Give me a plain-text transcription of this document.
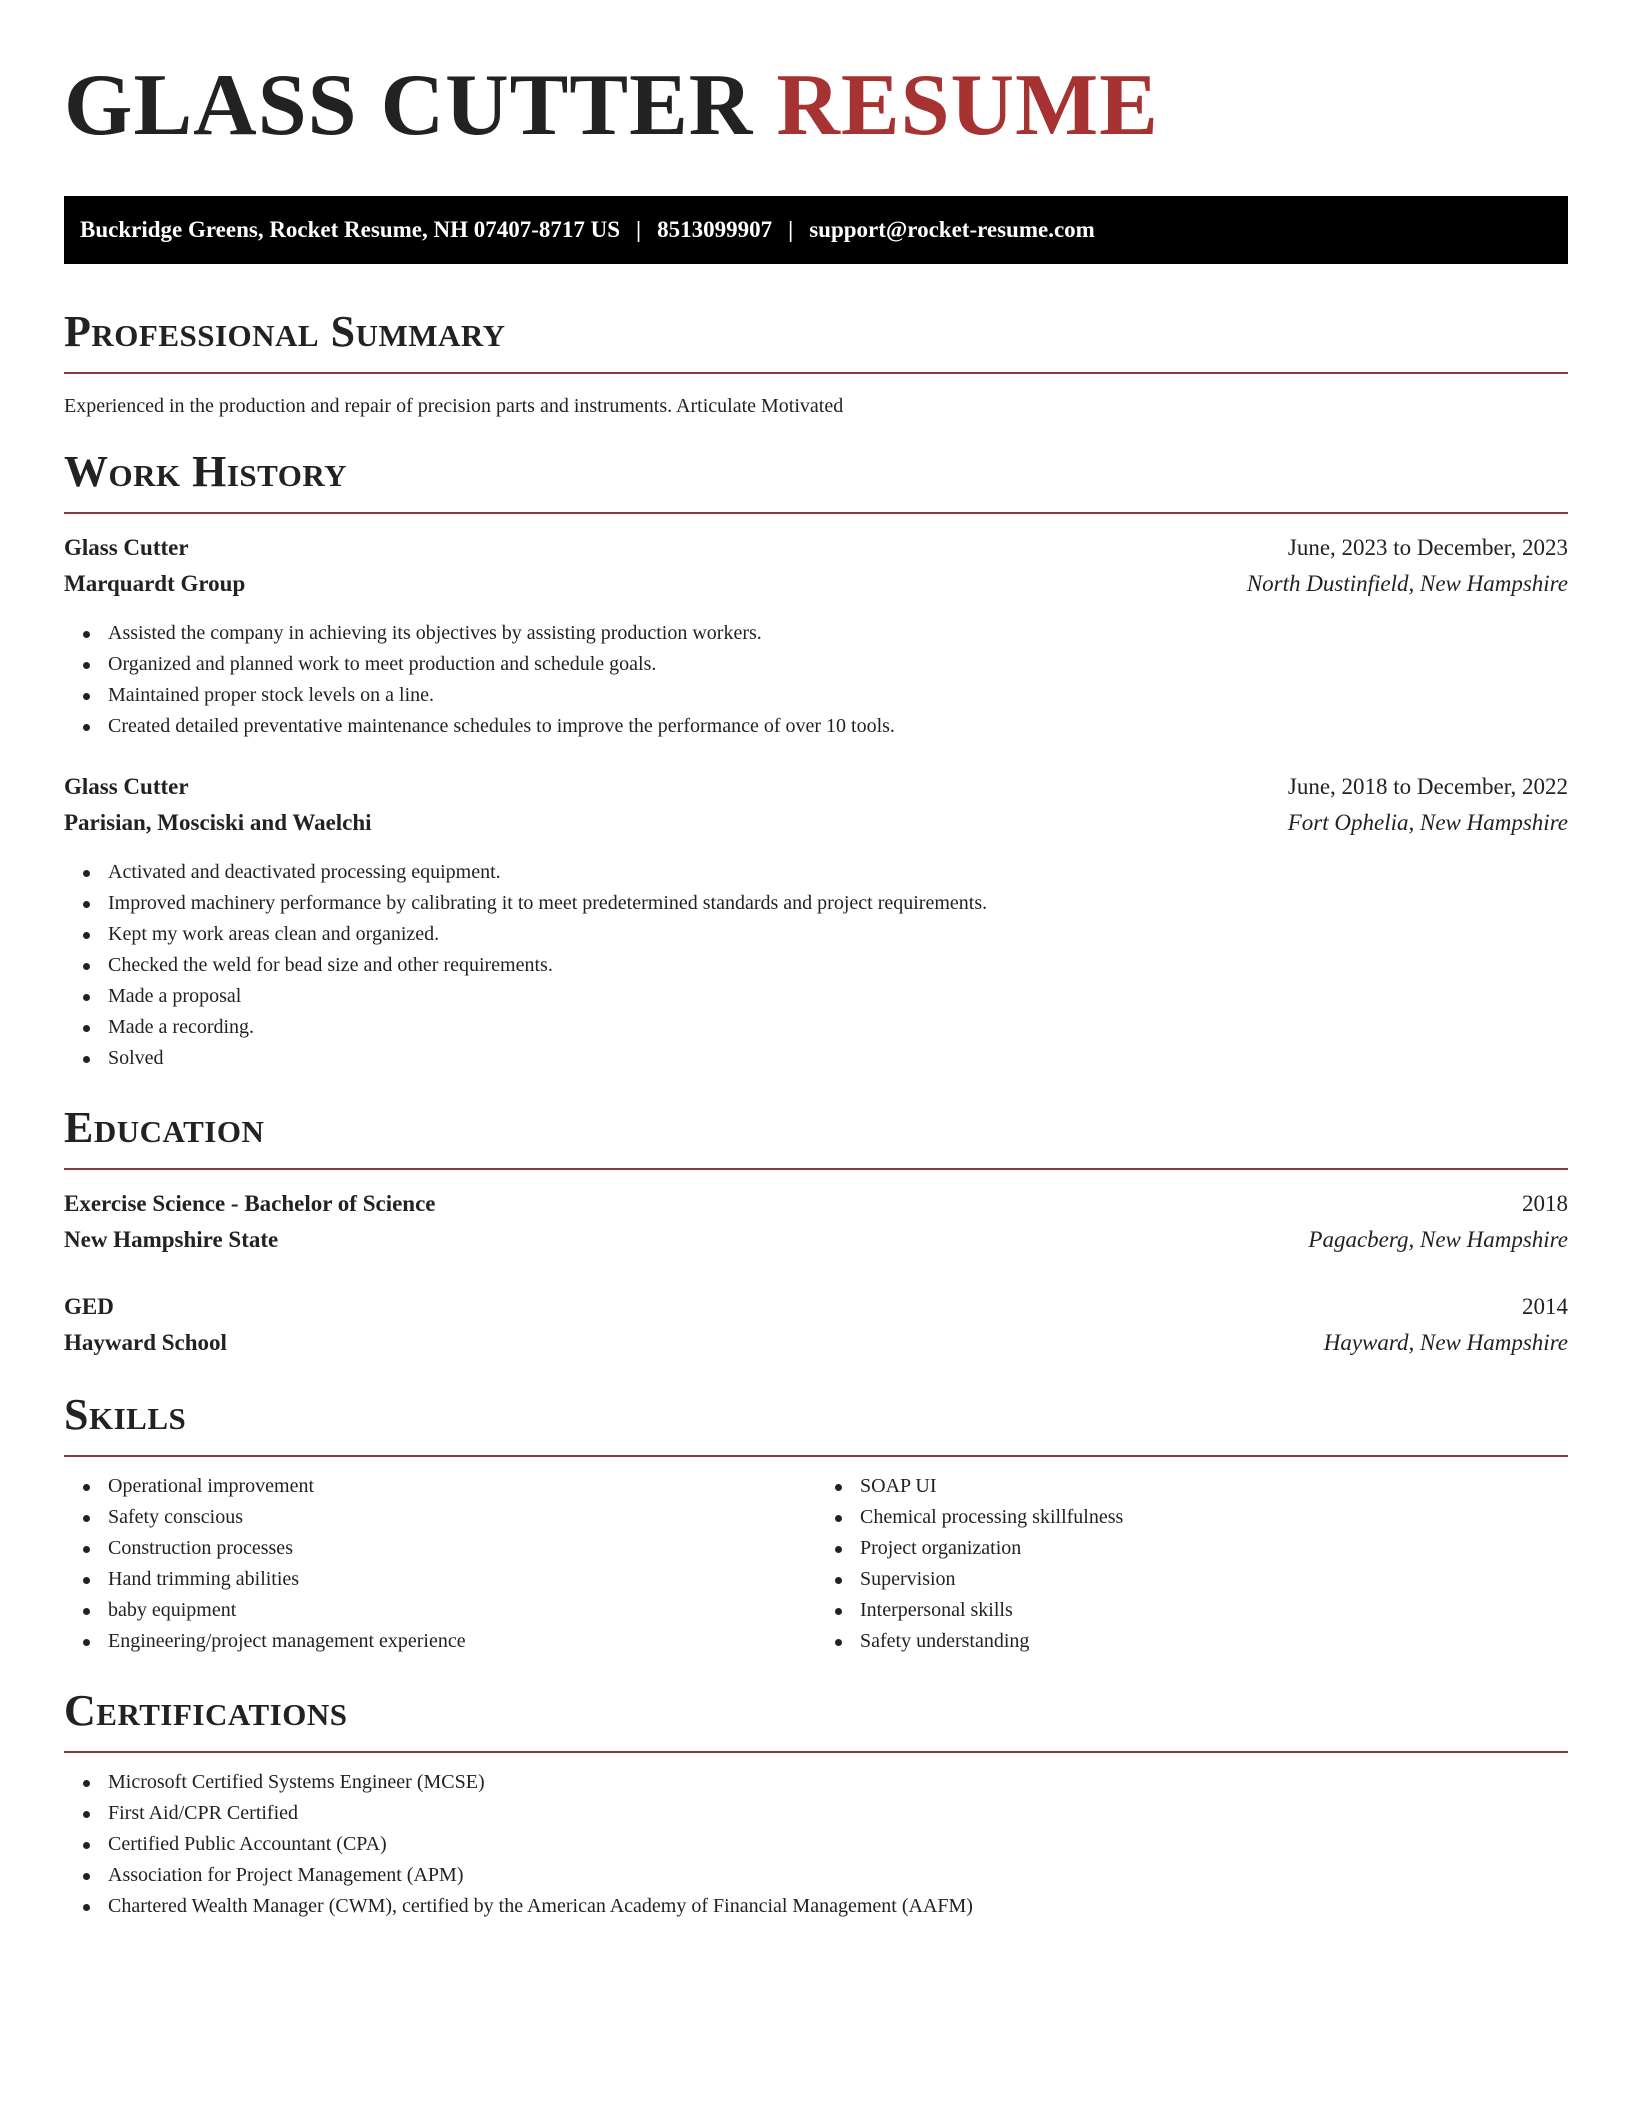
GLASS CUTTER RESUME
Buckridge Greens, Rocket Resume, NH 07407-8717 US | 8513099907 | support@rocket-resume.com
Professional Summary
Experienced in the production and repair of precision parts and instruments. Articulate Motivated
Work History
Glass Cutter	June, 2023 to December, 2023
Marquardt Group	North Dustinfield, New Hampshire
Assisted the company in achieving its objectives by assisting production workers.
Organized and planned work to meet production and schedule goals.
Maintained proper stock levels on a line.
Created detailed preventative maintenance schedules to improve the performance of over 10 tools.
Glass Cutter	June, 2018 to December, 2022
Parisian, Mosciski and Waelchi	Fort Ophelia, New Hampshire
Activated and deactivated processing equipment.
Improved machinery performance by calibrating it to meet predetermined standards and project requirements.
Kept my work areas clean and organized.
Checked the weld for bead size and other requirements.
Made a proposal
Made a recording.
Solved
Education
Exercise Science - Bachelor of Science	2018
New Hampshire State	Pagacberg, New Hampshire
GED	2014
Hayward School	Hayward, New Hampshire
Skills
Operational improvement
Safety conscious
Construction processes
Hand trimming abilities
baby equipment
Engineering/project management experience
SOAP UI
Chemical processing skillfulness
Project organization
Supervision
Interpersonal skills
Safety understanding
Certifications
Microsoft Certified Systems Engineer (MCSE)
First Aid/CPR Certified
Certified Public Accountant (CPA)
Association for Project Management (APM)
Chartered Wealth Manager (CWM), certified by the American Academy of Financial Management (AAFM)
